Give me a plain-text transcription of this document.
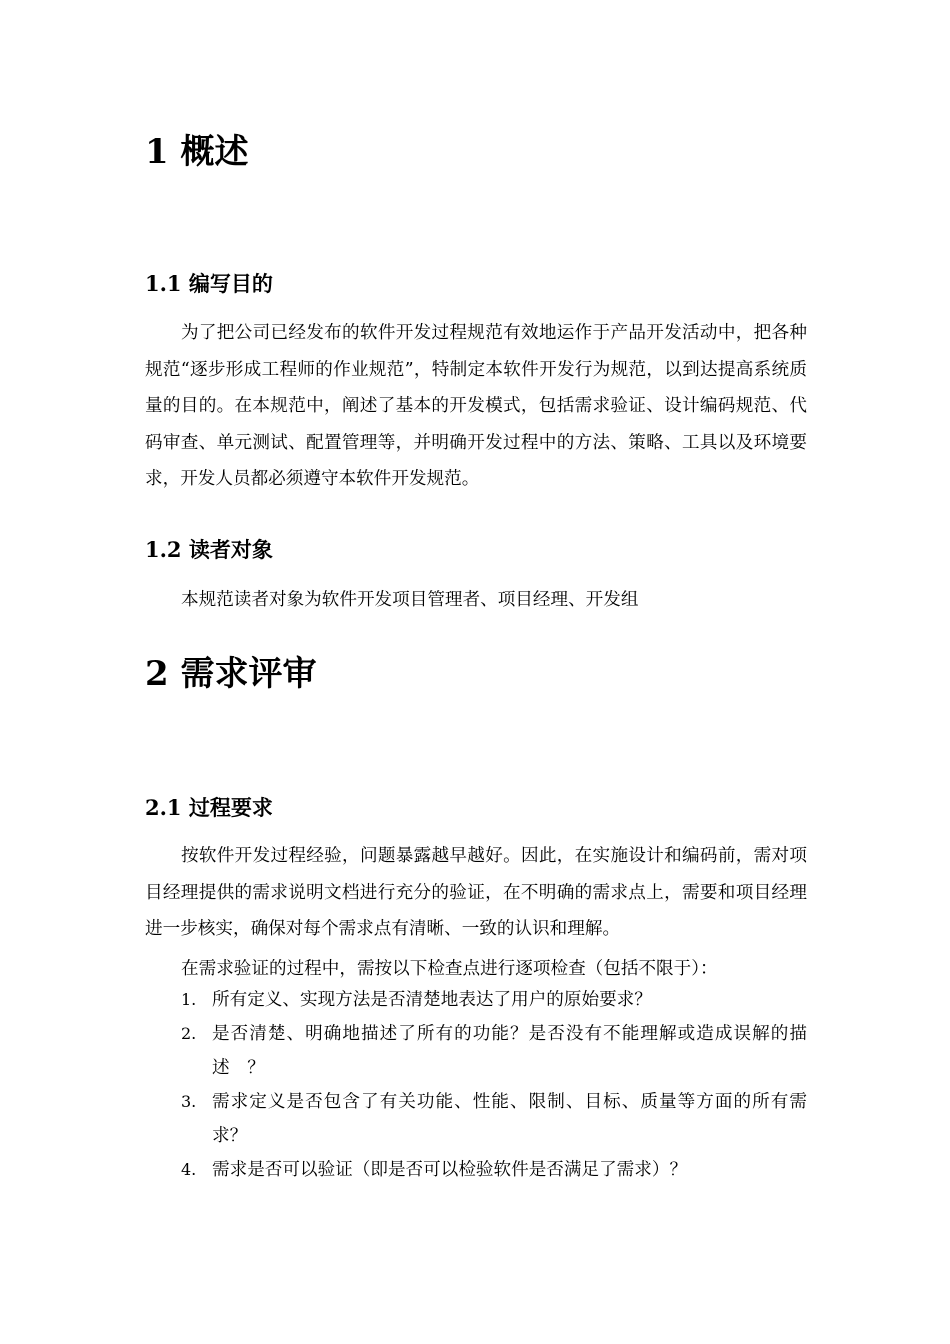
1 概述
1.1 编写目的
为了把公司已经发布的软件开发过程规范有效地运作于产品开发活动中，把各种规范“逐步形成工程师的作业规范”，特制定本软件开发行为规范，以到达提高系统质量的目的。在本规范中，阐述了基本的开发模式，包括需求验证、设计编码规范、代码审查、单元测试、配置管理等，并明确开发过程中的方法、策略、工具以及环境要求，开发人员都必须遵守本软件开发规范。
1.2 读者对象
本规范读者对象为软件开发项目管理者、项目经理、开发组
2 需求评审
2.1 过程要求
按软件开发过程经验，问题暴露越早越好。因此，在实施设计和编码前，需对项目经理提供的需求说明文档进行充分的验证，在不明确的需求点上，需要和项目经理进一步核实，确保对每个需求点有清晰、一致的认识和理解。
在需求验证的过程中，需按以下检查点进行逐项检查（包括不限于）：
1. 所有定义、实现方法是否清楚地表达了用户的原始要求？
2. 是否清楚、明确地描述了所有的功能？是否没有不能理解或造成误解的描述　？
3. 需求定义是否包含了有关功能、性能、限制、目标、质量等方面的所有需求？
4. 需求是否可以验证（即是否可以检验软件是否满足了需求）？
